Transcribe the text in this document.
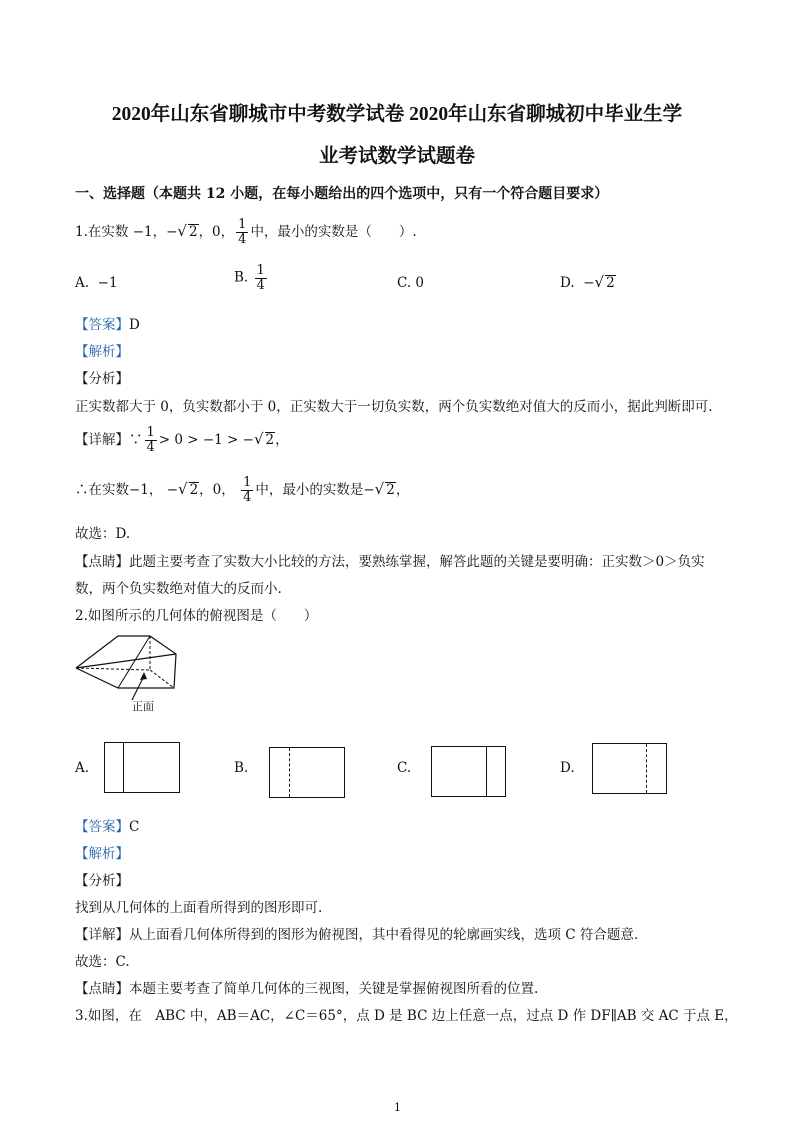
2020年山东省聊城市中考数学试卷 2020年山东省聊城初中毕业生学
业考试数学试题卷
一、选择题（本题共 12 小题，在每小题给出的四个选项中，只有一个符合题目要求）
1.在实数 −1，−√ 2，0， $\frac{1}{4}$ 中，最小的实数是（　　）.
A. −1	B. $\frac{1}{4}$	C. 0	D. −√ 2
【答案】D
【解析】
【分析】
正实数都大于 0，负实数都小于 0，正实数大于一切负实数，两个负实数绝对值大的反而小，据此判断即可.
【详解】∵ $\frac{1}{4} > 0 > -1$ > −√ 2，
∴在实数−1， −√ 2，0， $\frac{1}{4}$ 中，最小的实数是−√ 2，
故选：D.
【点睛】此题主要考查了实数大小比较的方法，要熟练掌握，解答此题的关键是要明确：正实数＞0＞负实
数，两个负实数绝对值大的反而小.
2.如图所示的几何体的俯视图是（　　）
正面
A.	B.	C.	D.
【答案】C
【解析】
【分析】
找到从几何体的上面看所得到的图形即可.
【详解】从上面看几何体所得到的图形为俯视图，其中看得见的轮廓画实线，选项 C 符合题意.
故选：C.
【点睛】本题主要考查了简单几何体的三视图，关键是掌握俯视图所看的位置.
3.如图，在　ABC 中，AB＝AC，∠C＝65°，点 D 是 BC 边上任意一点，过点 D 作 DF∥AB 交 AC 于点 E，
1
